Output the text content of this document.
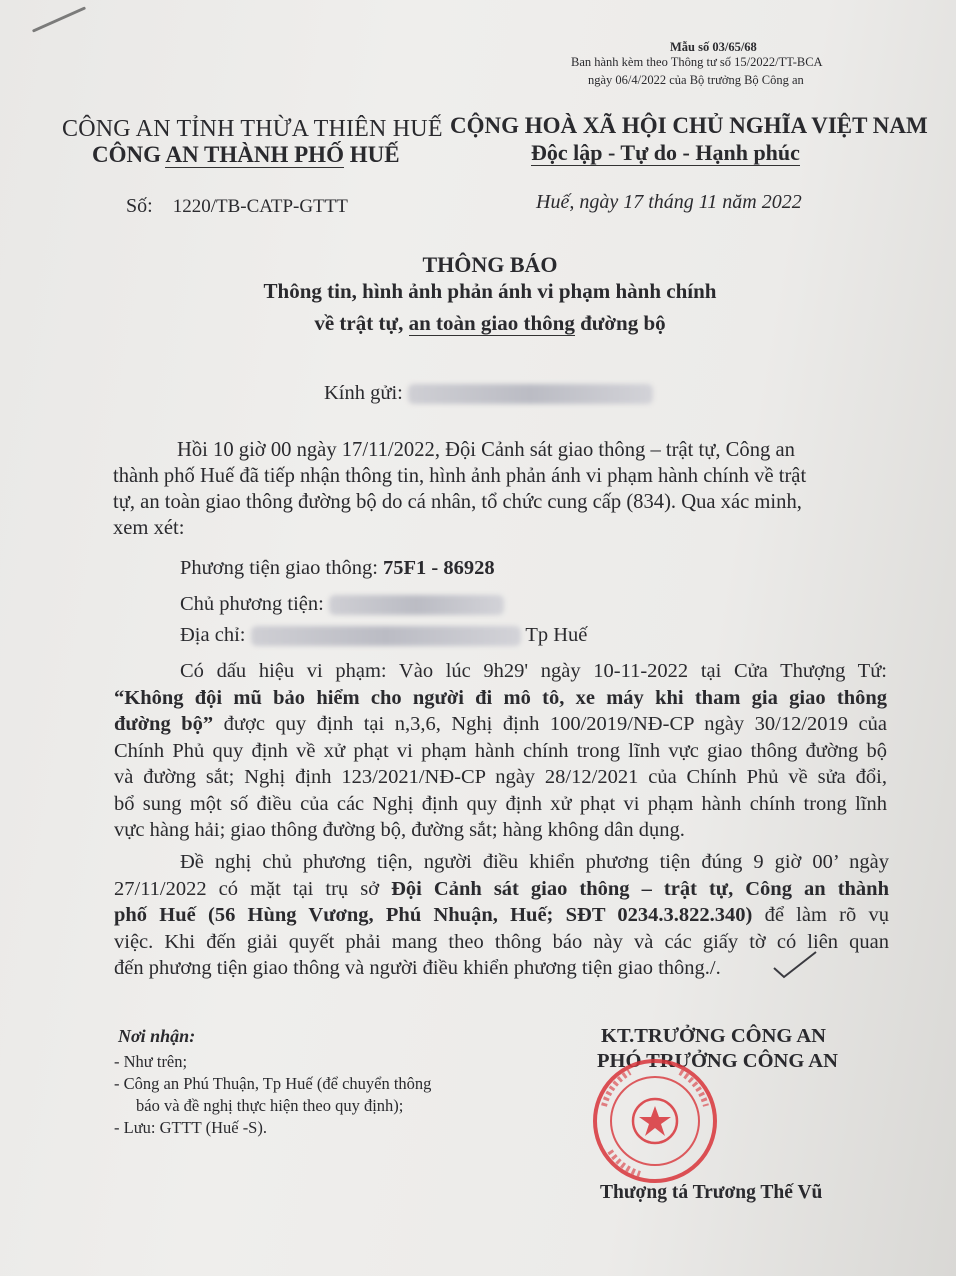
Mẫu số 03/65/68
Ban hành kèm theo Thông tư số 15/2022/TT-BCA
ngày 06/4/2022 của Bộ trưởng Bộ Công an
CÔNG AN TỈNH THỪA THIÊN HUẾ
CÔNG AN THÀNH PHỐ HUẾ
CỘNG HOÀ XÃ HỘI CHỦ NGHĨA VIỆT NAM
Độc lập - Tự do - Hạnh phúc
Số: 1220/TB-CATP-GTTT	Huế, ngày 17 tháng 11 năm 2022
THÔNG BÁO
Thông tin, hình ảnh phản ánh vi phạm hành chính
về trật tự, an toàn giao thông đường bộ
Kính gửi:
Hồi 10 giờ 00 ngày 17/11/2022, Đội Cảnh sát giao thông – trật tự, Công an
thành phố Huế đã tiếp nhận thông tin, hình ảnh phản ánh vi phạm hành chính về trật
tự, an toàn giao thông đường bộ do cá nhân, tổ chức cung cấp (834). Qua xác minh,
xem xét:
Phương tiện giao thông: 75F1 - 86928
Chủ phương tiện:
Địa chỉ:	Tp Huế
Có dấu hiệu vi phạm: Vào lúc 9h29' ngày 10-11-2022 tại Cửa Thượng Tứ:
“Không đội mũ bảo hiểm cho người đi mô tô, xe máy khi tham gia giao thông
đường bộ” được quy định tại n,3,6, Nghị định 100/2019/NĐ-CP ngày 30/12/2019 của
Chính Phủ quy định về xử phạt vi phạm hành chính trong lĩnh vực giao thông đường bộ
và đường sắt; Nghị định 123/2021/NĐ-CP ngày 28/12/2021 của Chính Phủ về sửa đổi,
bổ sung một số điều của các Nghị định quy định xử phạt vi phạm hành chính trong lĩnh
vực hàng hải; giao thông đường bộ, đường sắt; hàng không dân dụng.
Đề nghị chủ phương tiện, người điều khiển phương tiện đúng 9 giờ 00’ ngày
27/11/2022 có mặt tại trụ sở Đội Cảnh sát giao thông – trật tự, Công an thành
phố Huế (56 Hùng Vương, Phú Nhuận, Huế; SĐT 0234.3.822.340) để làm rõ vụ
việc. Khi đến giải quyết phải mang theo thông báo này và các giấy tờ có liên quan
đến phương tiện giao thông và người điều khiển phương tiện giao thông./.
Nơi nhận:
- Như trên;
- Công an Phú Thuận, Tp Huế (để chuyển thông
báo và đề nghị thực hiện theo quy định);
- Lưu: GTTT (Huế -S).
KT.TRƯỞNG CÔNG AN
PHÓ TRƯỞNG CÔNG AN
Thượng tá Trương Thế Vũ
